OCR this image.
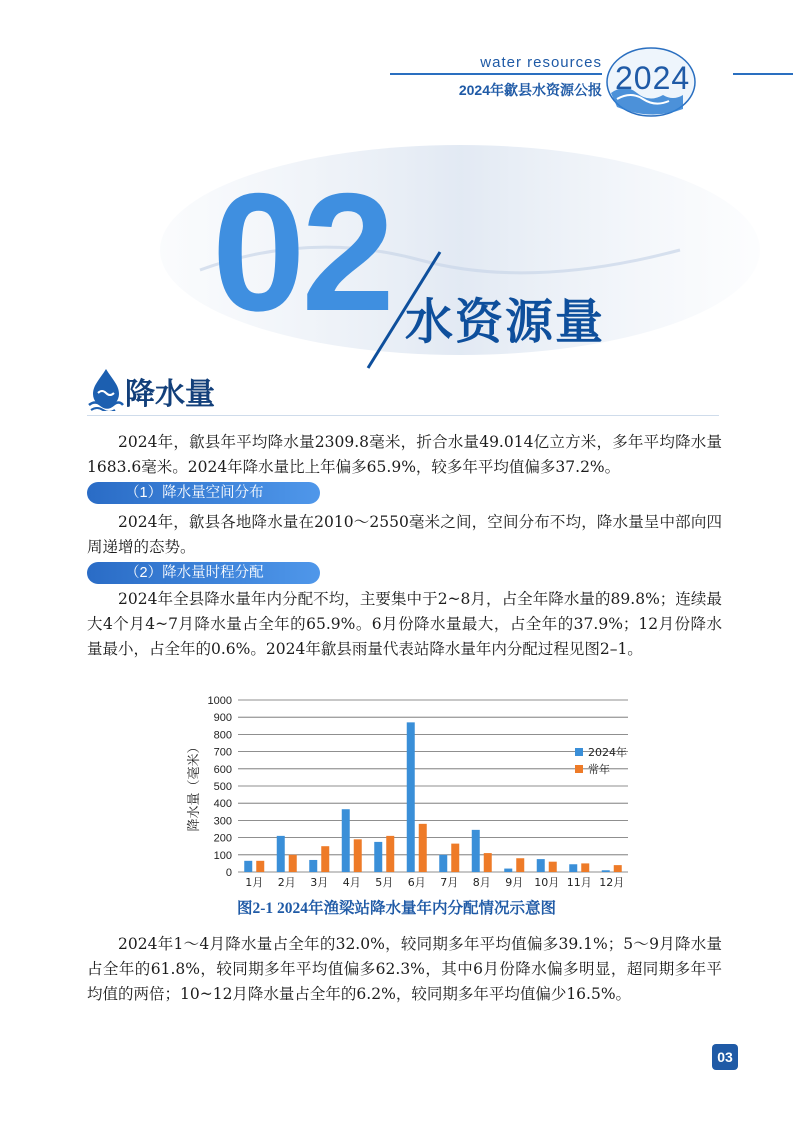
water resources
2024年歙县水资源公报 2024
02 水资源量
降水量

2024年，歙县年平均降水量2309.8毫米，折合水量49.014亿立方米，多年平均降水量1683.6毫米。2024年降水量比上年偏多65.9%，较多年平均值偏多37.2%。

（1）降水量空间分布

2024年，歙县各地降水量在2010～2550毫米之间，空间分布不均，降水量呈中部向四周递增的态势。

（2）降水量时程分配

2024年全县降水量年内分配不均，主要集中于2~8月，占全年降水量的89.8%；连续最大4个月4~7月降水量占全年的65.9%。6月份降水量最大，占全年的37.9%；12月份降水量最小，占全年的0.6%。2024年歙县雨量代表站降水量年内分配过程见图2–1。

0
100
200
300
400
500
600
700
800
900
1000
降水量（毫米）
1月 2月 3月 4月 5月 6月 7月 8月 9月 10月 11月 12月
2024年
常年
图2-1 2024年渔梁站降水量年内分配情况示意图

2024年1～4月降水量占全年的32.0%，较同期多年平均值偏多39.1%；5～9月降水量占全年的61.8%，较同期多年平均值偏多62.3%，其中6月份降水偏多明显，超同期多年平均值的两倍；10~12月降水量占全年的6.2%，较同期多年平均值偏少16.5%。

03
